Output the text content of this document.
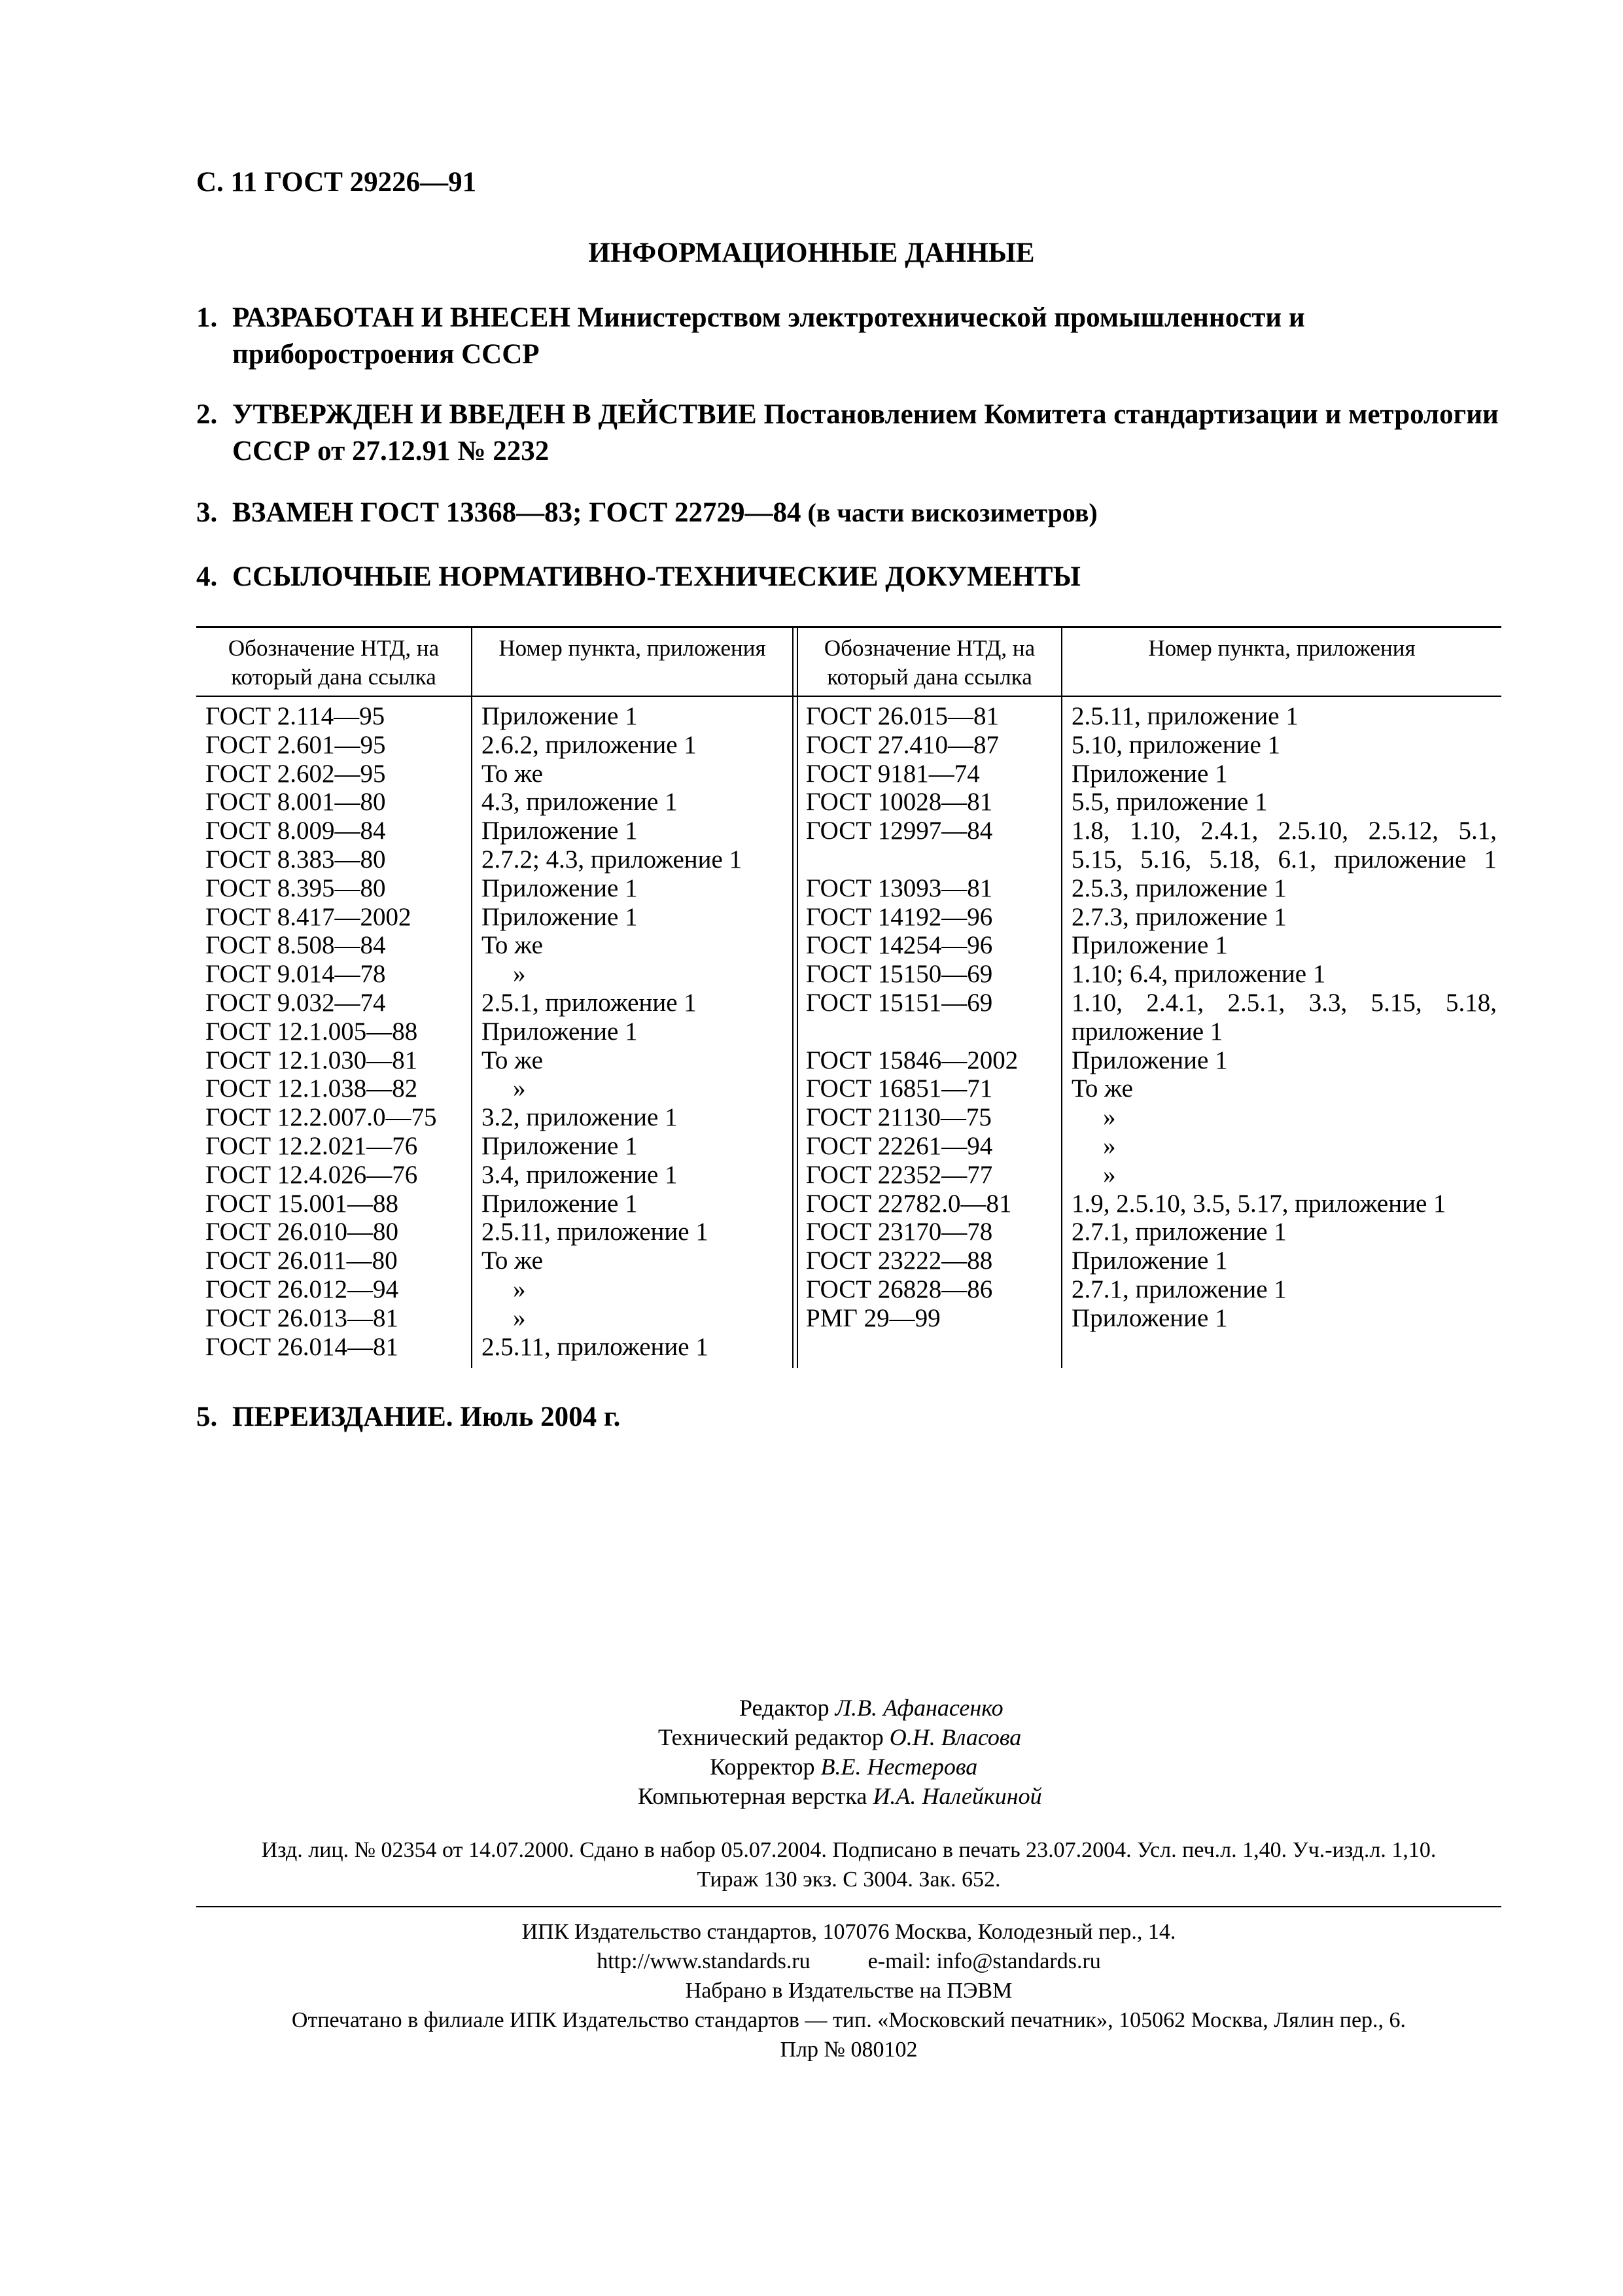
С. 11 ГОСТ 29226—91
ИНФОРМАЦИОННЫЕ ДАННЫЕ
1. РАЗРАБОТАН И ВНЕСЕН Министерством электротехнической промышленности и приборостроения СССР
2. УТВЕРЖДЕН И ВВЕДЕН В ДЕЙСТВИЕ Постановлением Комитета стандартизации и метрологии СССР от 27.12.91 № 2232
3. ВЗАМЕН ГОСТ 13368—83; ГОСТ 22729—84 (в части вискозиметров)
4. ССЫЛОЧНЫЕ НОРМАТИВНО-ТЕХНИЧЕСКИЕ ДОКУМЕНТЫ
Обозначение НТД, на который дана ссылка
Номер пункта, приложения	Обозначение НТД, на который дана ссылка
Номер пункта, приложения
ГОСТ 2.114—95
ГОСТ 2.601—95
ГОСТ 2.602—95
ГОСТ 8.001—80
ГОСТ 8.009—84
ГОСТ 8.383—80
ГОСТ 8.395—80
ГОСТ 8.417—2002
ГОСТ 8.508—84
ГОСТ 9.014—78
ГОСТ 9.032—74
ГОСТ 12.1.005—88
ГОСТ 12.1.030—81
ГОСТ 12.1.038—82
ГОСТ 12.2.007.0—75
ГОСТ 12.2.021—76
ГОСТ 12.4.026—76
ГОСТ 15.001—88
ГОСТ 26.010—80
ГОСТ 26.011—80
ГОСТ 26.012—94
ГОСТ 26.013—81
ГОСТ 26.014—81
Приложение 1
2.6.2, приложение 1
То же
4.3, приложение 1
Приложение 1
2.7.2; 4.3, приложение 1
Приложение 1
Приложение 1
То же
»
2.5.1, приложение 1
Приложение 1
То же
»
3.2, приложение 1
Приложение 1
3.4, приложение 1
Приложение 1
2.5.11, приложение 1
То же
»
»
2.5.11, приложение 1
ГОСТ 26.015—81
ГОСТ 27.410—87
ГОСТ 9181—74
ГОСТ 10028—81
ГОСТ 12997—84
ГОСТ 13093—81
ГОСТ 14192—96
ГОСТ 14254—96
ГОСТ 15150—69
ГОСТ 15151—69
ГОСТ 15846—2002
ГОСТ 16851—71
ГОСТ 21130—75
ГОСТ 22261—94
ГОСТ 22352—77
ГОСТ 22782.0—81
ГОСТ 23170—78
ГОСТ 23222—88
ГОСТ 26828—86
РМГ 29—99
2.5.11, приложение 1
5.10, приложение 1
Приложение 1
5.5, приложение 1
1.8, 1.10, 2.4.1, 2.5.10, 2.5.12, 5.1,
5.15, 5.16, 5.18, 6.1, приложение 1
2.5.3, приложение 1
2.7.3, приложение 1
Приложение 1
1.10; 6.4, приложение 1
1.10, 2.4.1, 2.5.1, 3.3, 5.15, 5.18,
приложение 1
Приложение 1
То же
»
»
»
1.9, 2.5.10, 3.5, 5.17, приложение 1
2.7.1, приложение 1
Приложение 1
2.7.1, приложение 1
Приложение 1
5. ПЕРЕИЗДАНИЕ. Июль 2004 г.
Редактор Л.В. Афанасенко
Технический редактор О.Н. Власова
Корректор В.Е. Нестерова
Компьютерная верстка И.А. Налейкиной
Изд. лиц. № 02354 от 14.07.2000. Сдано в набор 05.07.2004. Подписано в печать 23.07.2004. Усл. печ.л. 1,40. Уч.-изд.л. 1,10.
Тираж 130 экз. С 3004. Зак. 652.
ИПК Издательство стандартов, 107076 Москва, Колодезный пер., 14.
http://www.standards.ru	e-mail: info@standards.ru
Набрано в Издательстве на ПЭВМ
Отпечатано в филиале ИПК Издательство стандартов — тип. «Московский печатник», 105062 Москва, Лялин пер., 6.
Плр № 080102
